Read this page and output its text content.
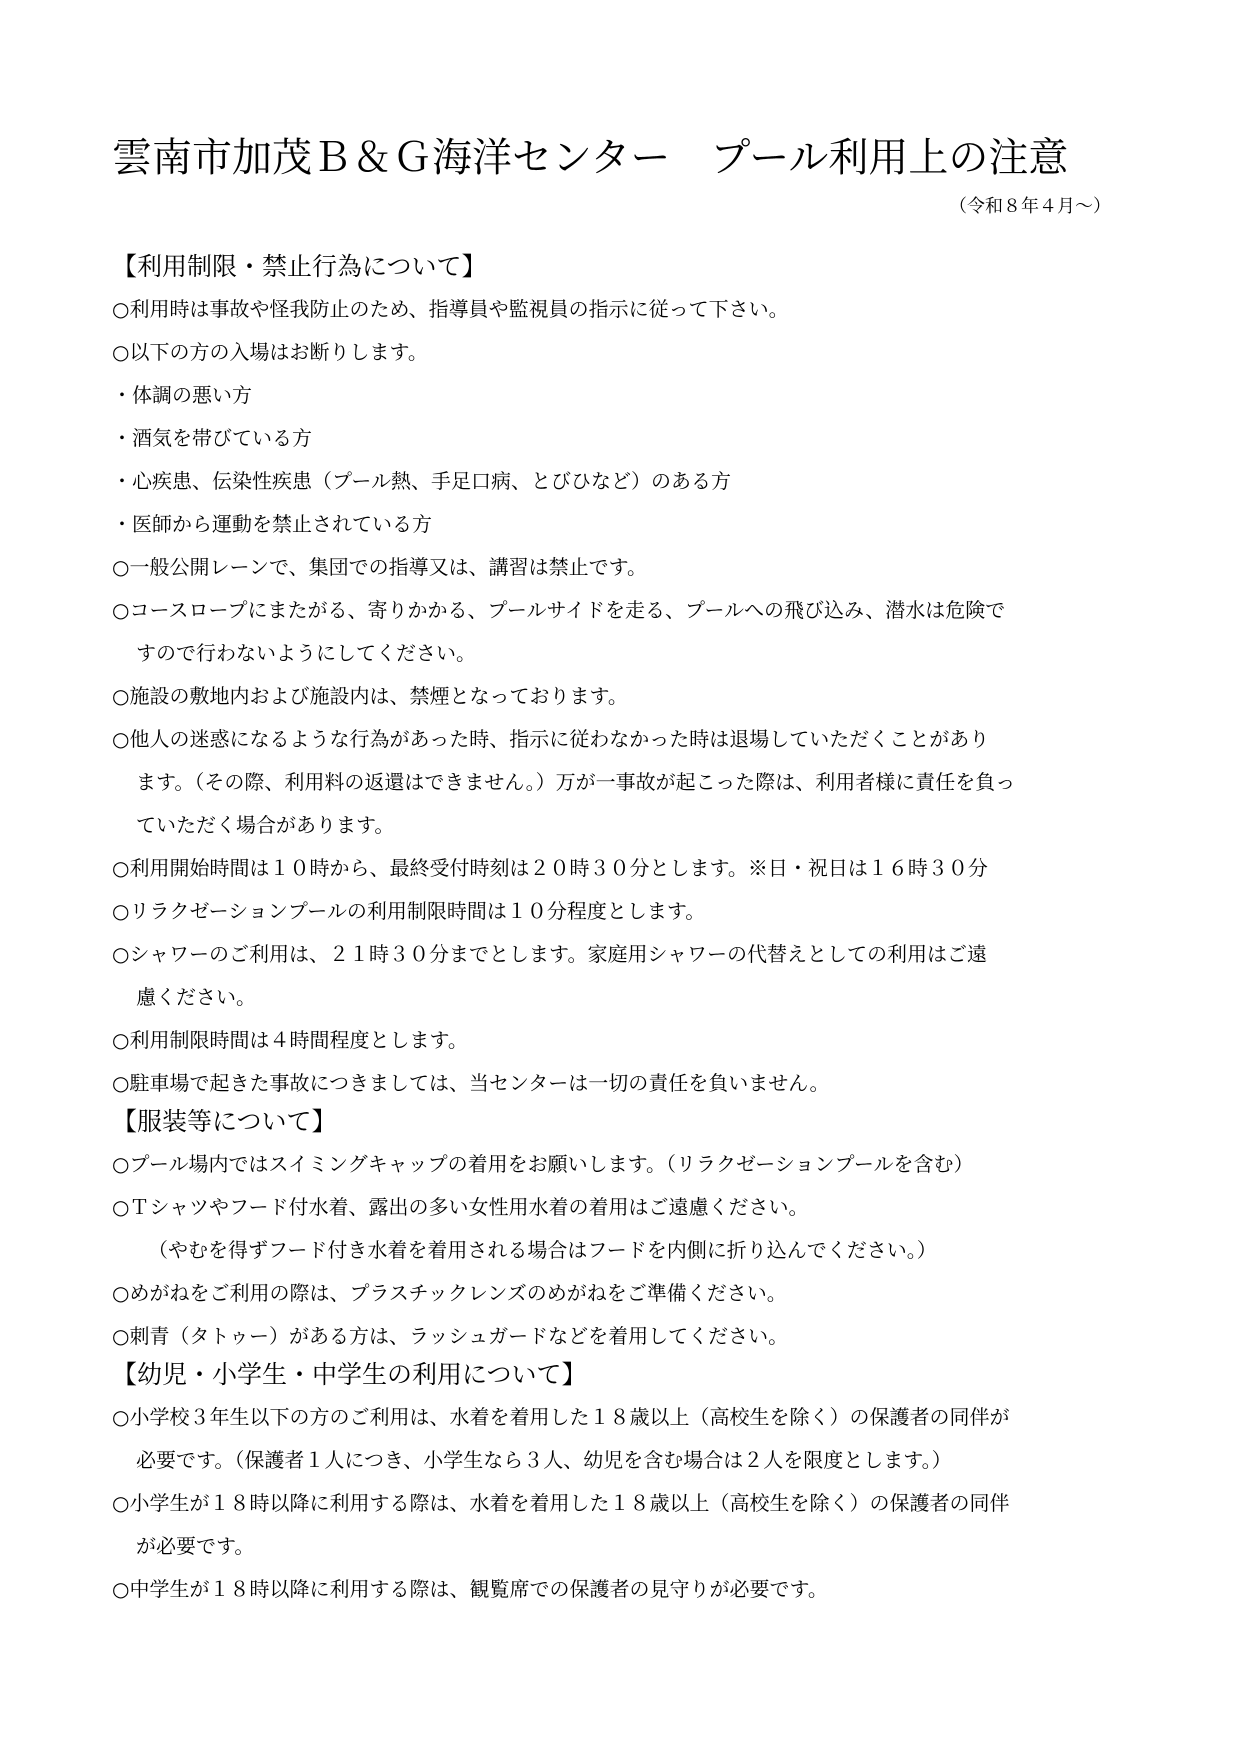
雲南市加茂Ｂ＆Ｇ海洋センター　プール利用上の注意
（令和８年４月～）
【利用制限・禁止行為について】
○利用時は事故や怪我防止のため、指導員や監視員の指示に従って下さい。
○以下の方の入場はお断りします。
・体調の悪い方
・酒気を帯びている方
・心疾患、伝染性疾患（プール熱、手足口病、とびひなど）のある方
・医師から運動を禁止されている方
○一般公開レーンで、集団での指導又は、講習は禁止です。
○コースロープにまたがる、寄りかかる、プールサイドを走る、プールへの飛び込み、潜水は危険で
すので行わないようにしてください。
○施設の敷地内および施設内は、禁煙となっております。
○他人の迷惑になるような行為があった時、指示に従わなかった時は退場していただくことがあり
ます。（その際、利用料の返還はできません。）万が一事故が起こった際は、利用者様に責任を負っ
ていただく場合があります。
○利用開始時間は１０時から、最終受付時刻は２０時３０分とします。※日・祝日は１６時３０分
○リラクゼーションプールの利用制限時間は１０分程度とします。
○シャワーのご利用は、２１時３０分までとします。家庭用シャワーの代替えとしての利用はご遠
慮ください。
○利用制限時間は４時間程度とします。
○駐車場で起きた事故につきましては、当センターは一切の責任を負いません。
【服装等について】
○プール場内ではスイミングキャップの着用をお願いします。（リラクゼーションプールを含む）
○Ｔシャツやフード付水着、露出の多い女性用水着の着用はご遠慮ください。
（やむを得ずフード付き水着を着用される場合はフードを内側に折り込んでください。）
○めがねをご利用の際は、プラスチックレンズのめがねをご準備ください。
○刺青（タトゥー）がある方は、ラッシュガードなどを着用してください。
【幼児・小学生・中学生の利用について】
○小学校３年生以下の方のご利用は、水着を着用した１８歳以上（高校生を除く）の保護者の同伴が
必要です。（保護者１人につき、小学生なら３人、幼児を含む場合は２人を限度とします。）
○小学生が１８時以降に利用する際は、水着を着用した１８歳以上（高校生を除く）の保護者の同伴
が必要です。
○中学生が１８時以降に利用する際は、観覧席での保護者の見守りが必要です。
